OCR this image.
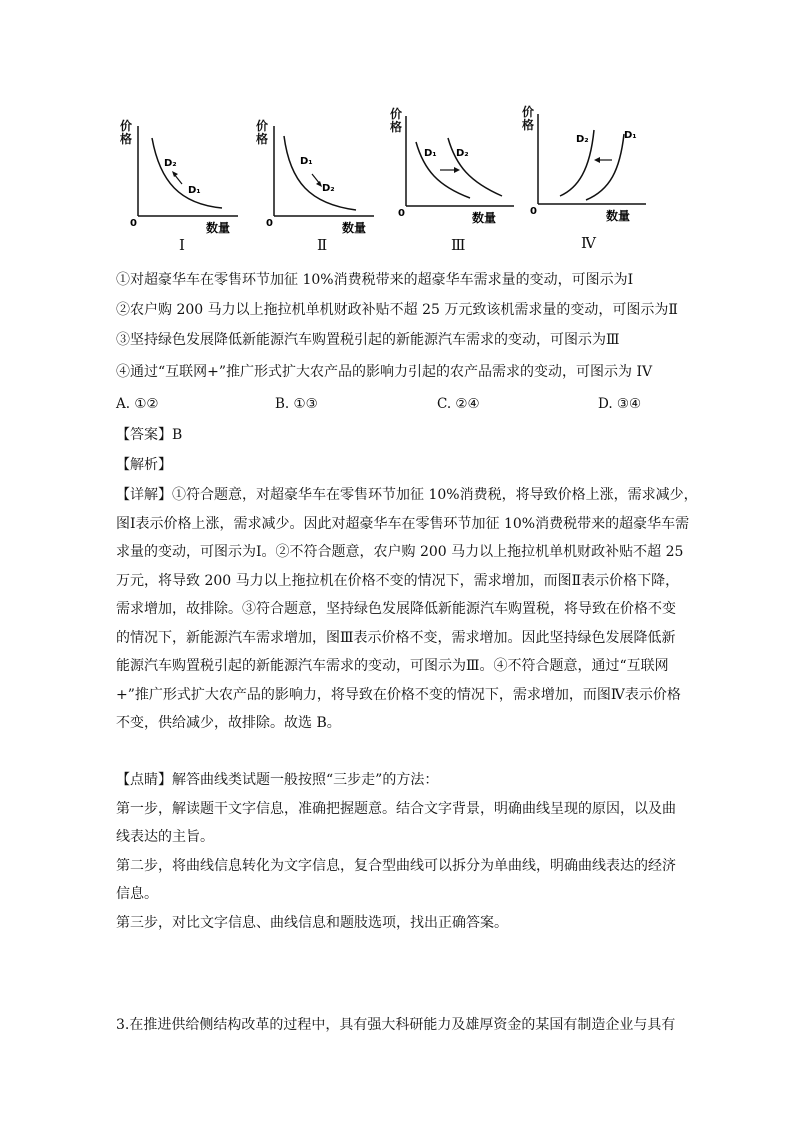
0
D₂
D₁
数量
价格
0
D₁
D₂
数量
价格
0
D₁ D₂
数量
价格
0
D₂	D₁
数量
价格
Ⅰ	Ⅱ	Ⅲ	Ⅳ
①对超豪华车在零售环节加征 10%消费税带来的超豪华车需求量的变动，可图示为Ⅰ
②农户购 200 马力以上拖拉机单机财政补贴不超 25 万元致该机需求量的变动，可图示为Ⅱ
③坚持绿色发展降低新能源汽车购置税引起的新能源汽车需求的变动，可图示为Ⅲ
④通过“互联网+”推广形式扩大农产品的影响力引起的农产品需求的变动，可图示为 IV
A. ①②	B. ①③	C. ②④	D. ③④
【答案】B
【解析】
【详解】①符合题意，对超豪华车在零售环节加征 10%消费税，将导致价格上涨，需求减少，
图Ⅰ表示价格上涨，需求减少。因此对超豪华车在零售环节加征 10%消费税带来的超豪华车需
求量的变动，可图示为Ⅰ。②不符合题意，农户购 200 马力以上拖拉机单机财政补贴不超 25
万元，将导致 200 马力以上拖拉机在价格不变的情况下，需求增加，而图Ⅱ表示价格下降，
需求增加，故排除。③符合题意，坚持绿色发展降低新能源汽车购置税，将导致在价格不变
的情况下，新能源汽车需求增加，图Ⅲ表示价格不变，需求增加。因此坚持绿色发展降低新
能源汽车购置税引起的新能源汽车需求的变动，可图示为Ⅲ。④不符合题意，通过“互联网
+”推广形式扩大农产品的影响力，将导致在价格不变的情况下，需求增加，而图Ⅳ表示价格
不变，供给减少，故排除。故选 B。
【点睛】解答曲线类试题一般按照“三步走”的方法：
第一步，解读题干文字信息，准确把握题意。结合文字背景，明确曲线呈现的原因，以及曲
线表达的主旨。
第二步，将曲线信息转化为文字信息，复合型曲线可以拆分为单曲线，明确曲线表达的经济
信息。
第三步，对比文字信息、曲线信息和题肢选项，找出正确答案。
3.在推进供给侧结构改革的过程中，具有强大科研能力及雄厚资金的某国有制造企业与具有
